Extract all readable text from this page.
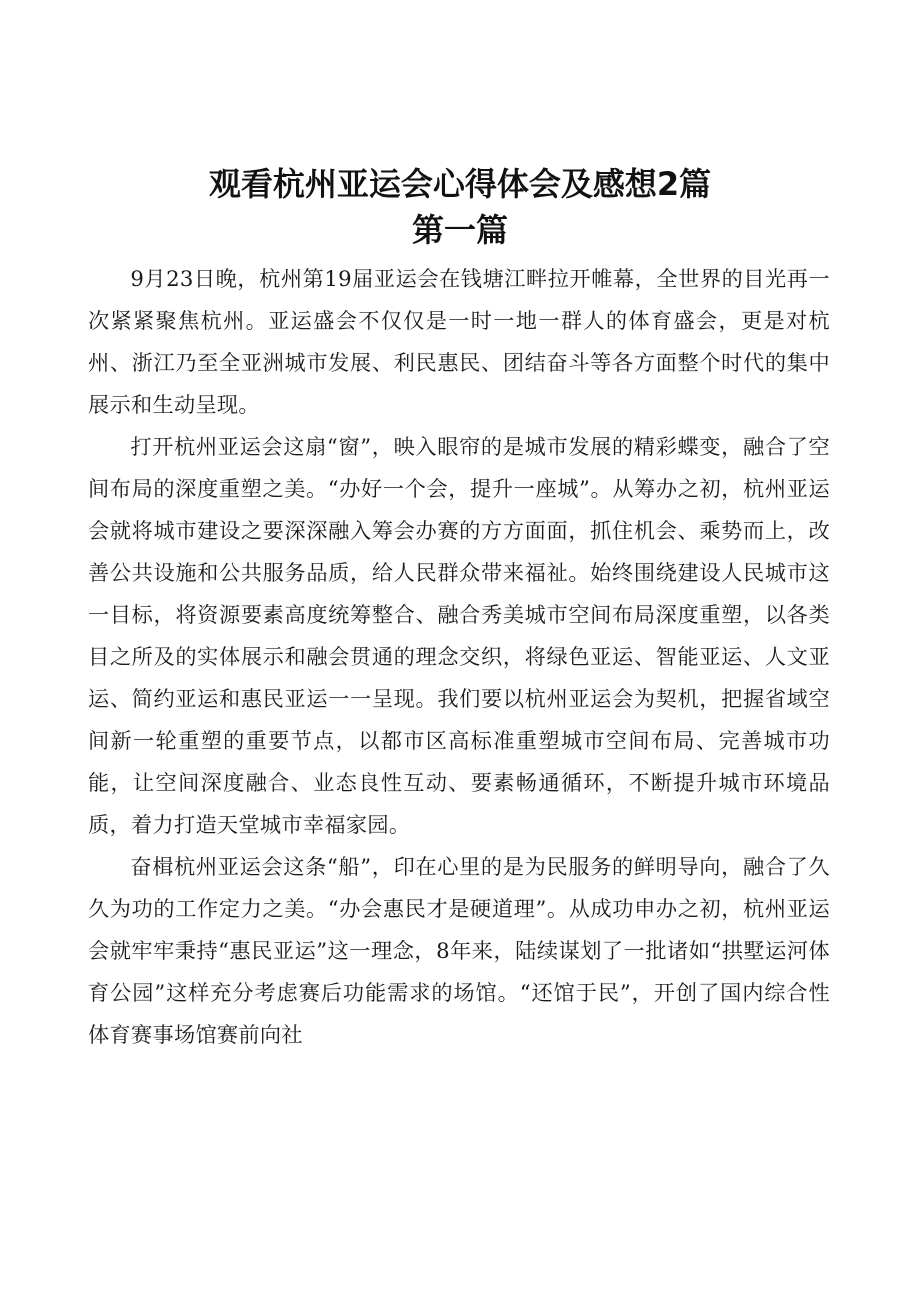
观看杭州亚运会心得体会及感想2篇
第一篇

9月23日晚，杭州第19届亚运会在钱塘江畔拉开帷幕，全世界的目光再一次紧紧聚焦杭州。亚运盛会不仅仅是一时一地一群人的体育盛会，更是对杭州、浙江乃至全亚洲城市发展、利民惠民、团结奋斗等各方面整个时代的集中展示和生动呈现。

打开杭州亚运会这扇“窗”，映入眼帘的是城市发展的精彩蝶变，融合了空间布局的深度重塑之美。“办好一个会，提升一座城”。从筹办之初，杭州亚运会就将城市建设之要深深融入筹会办赛的方方面面，抓住机会、乘势而上，改善公共设施和公共服务品质，给人民群众带来福祉。始终围绕建设人民城市这一目标，将资源要素高度统筹整合、融合秀美城市空间布局深度重塑，以各类目之所及的实体展示和融会贯通的理念交织，将绿色亚运、智能亚运、人文亚运、简约亚运和惠民亚运一一呈现。我们要以杭州亚运会为契机，把握省域空间新一轮重塑的重要节点，以都市区高标准重塑城市空间布局、完善城市功能，让空间深度融合、业态良性互动、要素畅通循环，不断提升城市环境品质，着力打造天堂城市幸福家园。

奋楫杭州亚运会这条“船”，印在心里的是为民服务的鲜明导向，融合了久久为功的工作定力之美。“办会惠民才是硬道理”。从成功申办之初，杭州亚运会就牢牢秉持“惠民亚运”这一理念，8年来，陆续谋划了一批诸如“拱墅运河体育公园”这样充分考虑赛后功能需求的场馆。“还馆于民”，开创了国内综合性体育赛事场馆赛前向社
